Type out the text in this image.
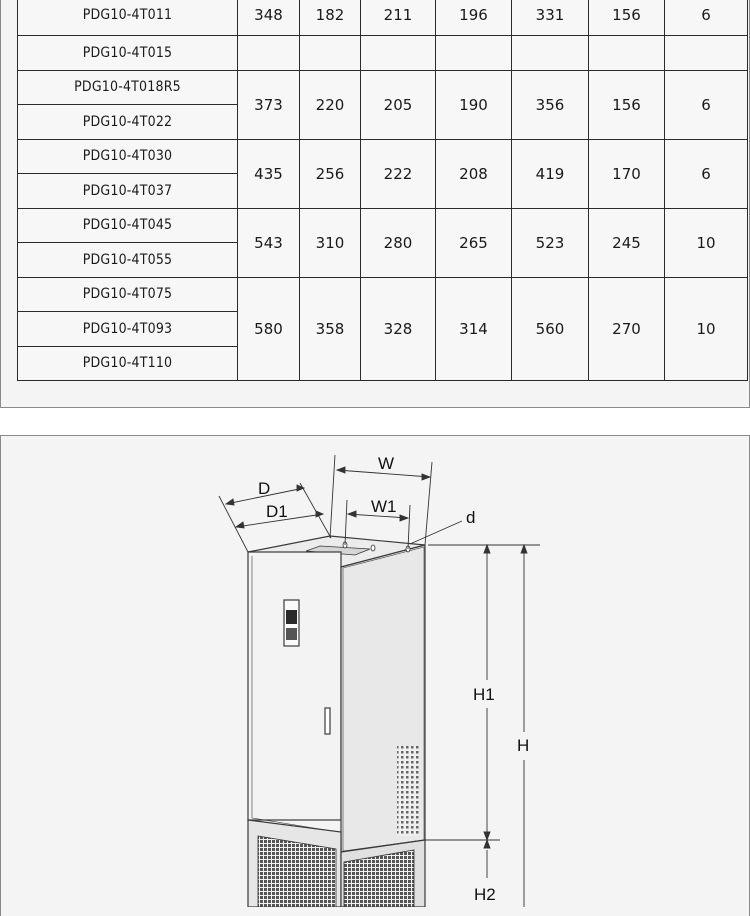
PDG10-4T011	348	182	211	196	331	156	6
PDG10-4T015							
PDG10-4T018R5	373	220	205	190	356	156	6
PDG10-4T022							
PDG10-4T030	435	256	222	208	419	170	6
PDG10-4T037							
PDG10-4T045	543	310	280	265	523	245	10
PDG10-4T055							
PDG10-4T075	580	358	328	314	560	270	10
PDG10-4T093							
PDG10-4T110							
W
W1
D
D1	d
H1
H
H2
